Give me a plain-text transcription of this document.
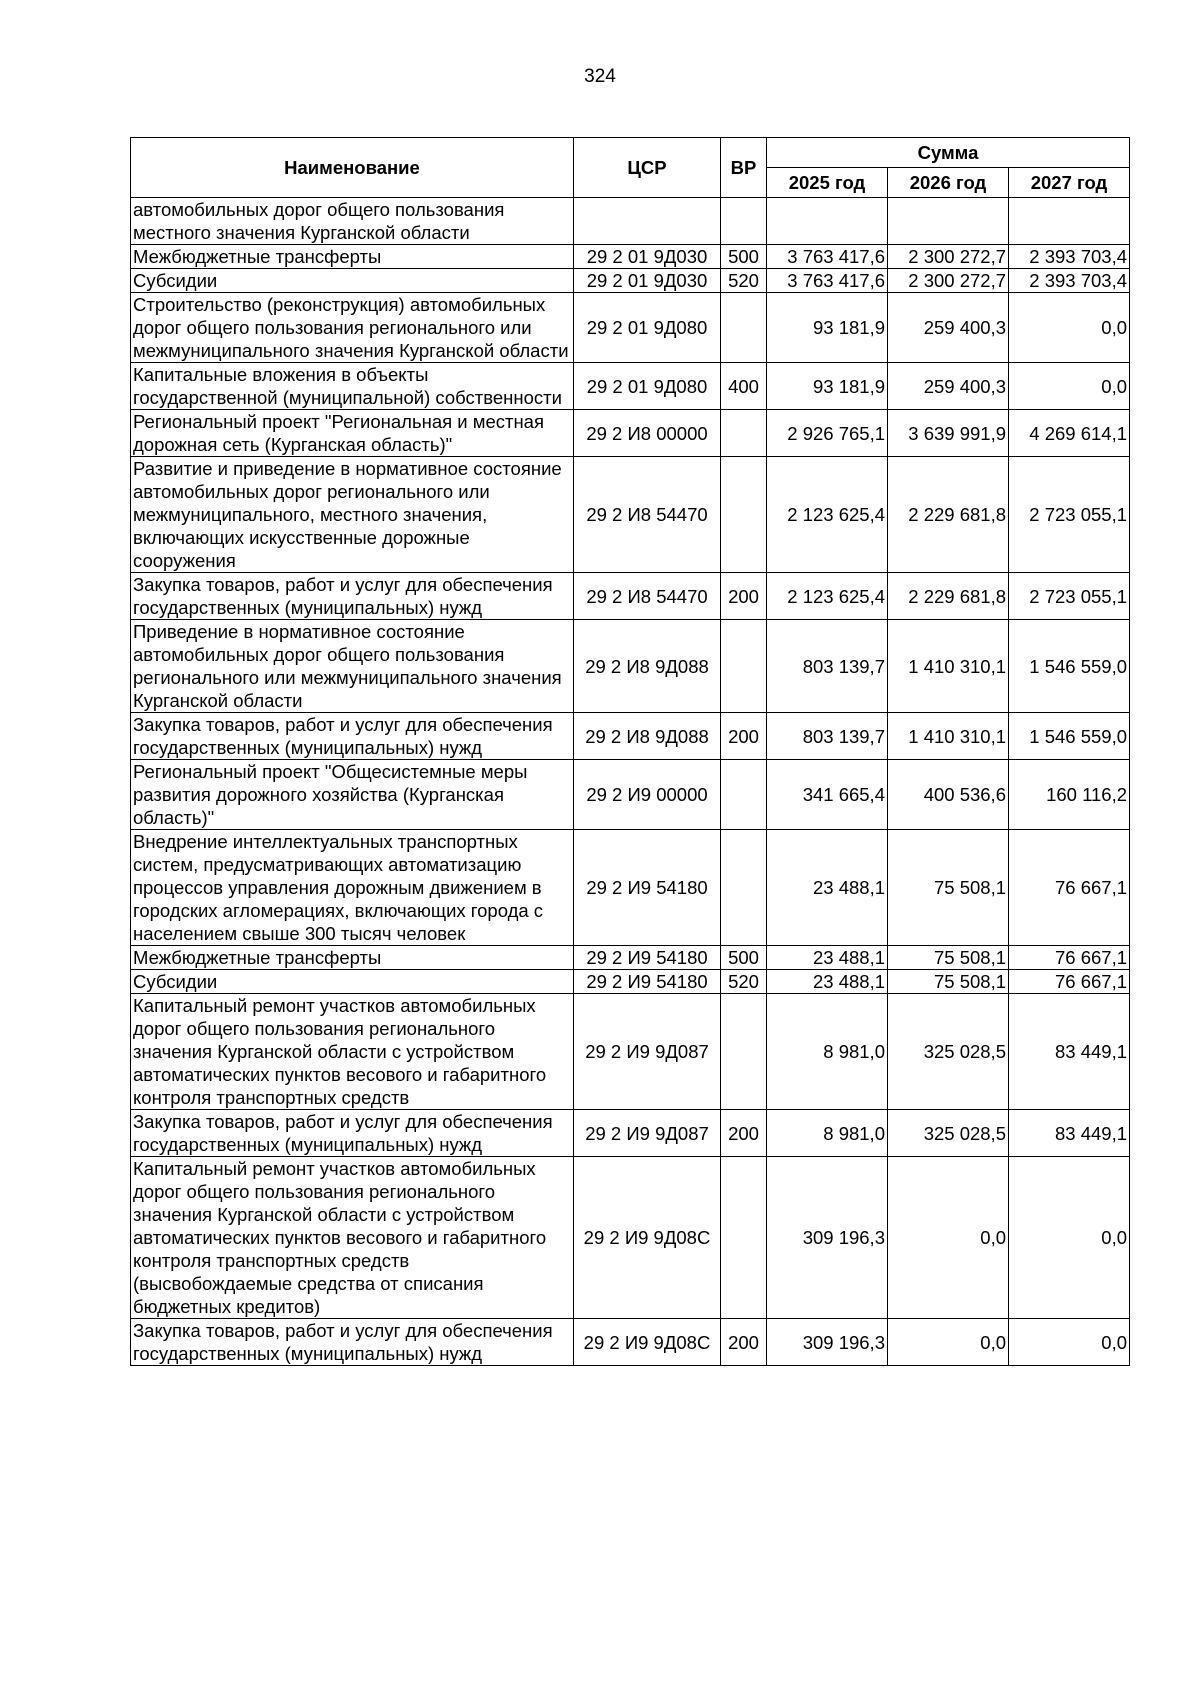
324
Наименование	ЦСР	ВР	Сумма		
			2025 год	2026 год	2027 год
автомобильных дорог общего пользования местного значения Курганской области					
Межбюджетные трансферты	29 2 01 9Д030	500	3 763 417,6	2 300 272,7	2 393 703,4
Субсидии	29 2 01 9Д030	520	3 763 417,6	2 300 272,7	2 393 703,4
Строительство (реконструкция) автомобильных дорог общего пользования регионального или межмуниципального значения Курганской области	29 2 01 9Д080		93 181,9	259 400,3	0,0
Капитальные вложения в объекты государственной (муниципальной) собственности	29 2 01 9Д080	400	93 181,9	259 400,3	0,0
Региональный проект "Региональная и местная дорожная сеть (Курганская область)"	29 2 И8 00000		2 926 765,1	3 639 991,9	4 269 614,1
Развитие и приведение в нормативное состояние автомобильных дорог регионального или межмуниципального, местного значения, включающих искусственные дорожные сооружения	29 2 И8 54470		2 123 625,4	2 229 681,8	2 723 055,1
Закупка товаров, работ и услуг для обеспечения государственных (муниципальных) нужд	29 2 И8 54470	200	2 123 625,4	2 229 681,8	2 723 055,1
Приведение в нормативное состояние автомобильных дорог общего пользования регионального или межмуниципального значения Курганской области	29 2 И8 9Д088		803 139,7	1 410 310,1	1 546 559,0
Закупка товаров, работ и услуг для обеспечения государственных (муниципальных) нужд	29 2 И8 9Д088	200	803 139,7	1 410 310,1	1 546 559,0
Региональный проект "Общесистемные меры развития дорожного хозяйства (Курганская область)"	29 2 И9 00000		341 665,4	400 536,6	160 116,2
Внедрение интеллектуальных транспортных систем, предусматривающих автоматизацию процессов управления дорожным движением в городских агломерациях, включающих города с населением свыше 300 тысяч человек	29 2 И9 54180		23 488,1	75 508,1	76 667,1
Межбюджетные трансферты	29 2 И9 54180	500	23 488,1	75 508,1	76 667,1
Субсидии	29 2 И9 54180	520	23 488,1	75 508,1	76 667,1
Капитальный ремонт участков автомобильных дорог общего пользования регионального значения Курганской области с устройством автоматических пунктов весового и габаритного контроля транспортных средств	29 2 И9 9Д087		8 981,0	325 028,5	83 449,1
Закупка товаров, работ и услуг для обеспечения государственных (муниципальных) нужд	29 2 И9 9Д087	200	8 981,0	325 028,5	83 449,1
Капитальный ремонт участков автомобильных дорог общего пользования регионального значения Курганской области с устройством автоматических пунктов весового и габаритного контроля транспортных средств (высвобождаемые средства от списания бюджетных кредитов)	29 2 И9 9Д08С		309 196,3	0,0	0,0
Закупка товаров, работ и услуг для обеспечения государственных (муниципальных) нужд	29 2 И9 9Д08С	200	309 196,3	0,0	0,0
